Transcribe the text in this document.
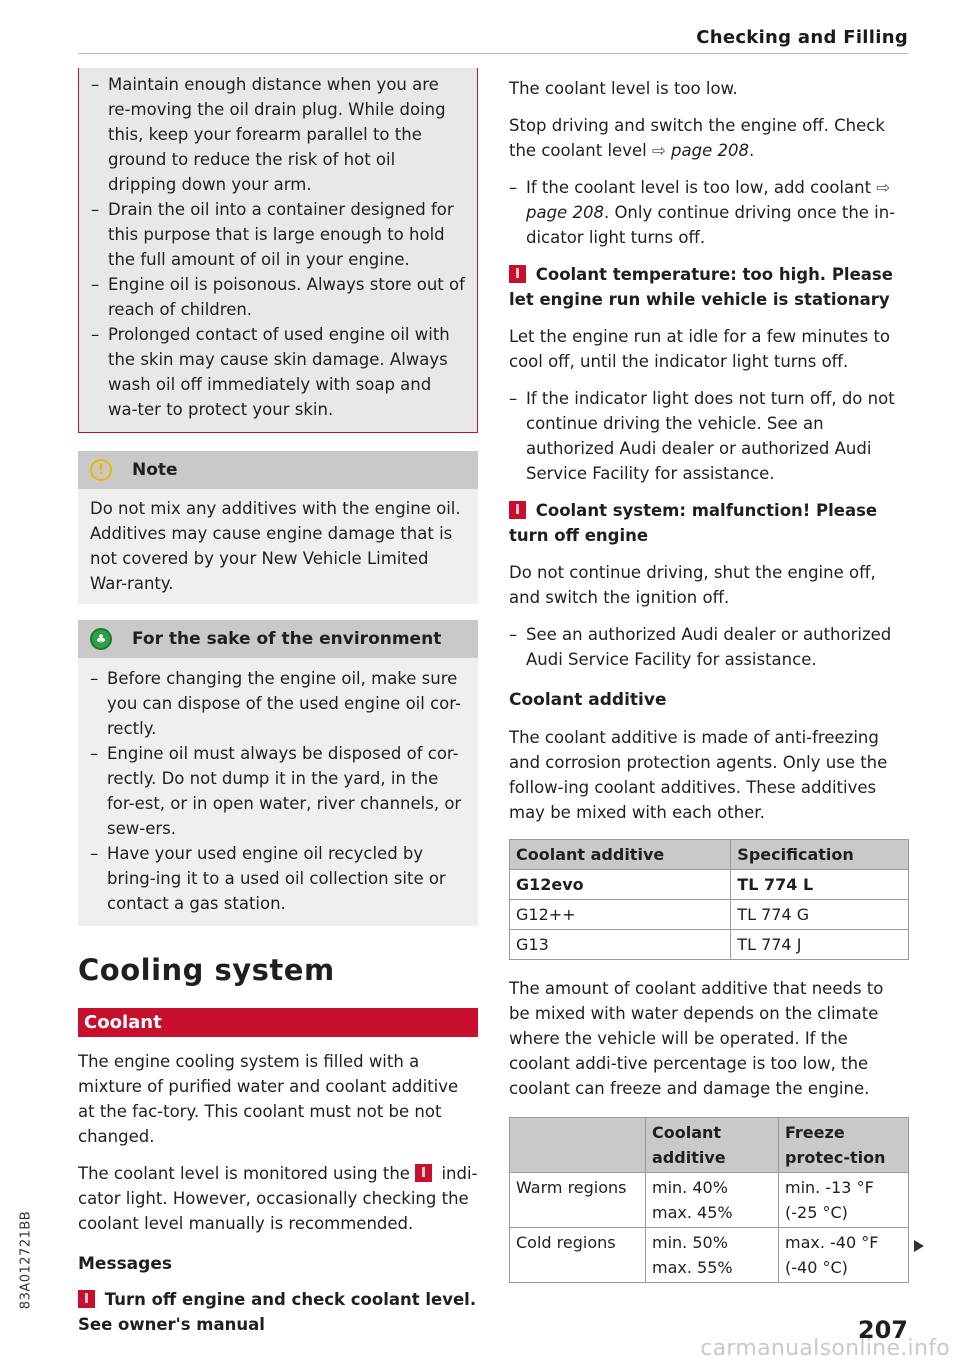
Checking and Filling
– Maintain enough distance when you are re-moving the oil drain plug. While doing this, keep your forearm parallel to the ground to reduce the risk of hot oil dripping down your arm.
– Drain the oil into a container designed for this purpose that is large enough to hold the full amount of oil in your engine.
– Engine oil is poisonous. Always store out of reach of children.
– Prolonged contact of used engine oil with the skin may cause skin damage. Always wash oil off immediately with soap and wa-ter to protect your skin.
!	Note
Do not mix any additives with the engine oil. Additives may cause engine damage that is not covered by your New Vehicle Limited War-ranty.
♣	For the sake of the environment
– Before changing the engine oil, make sure you can dispose of the used engine oil cor-rectly.
– Engine oil must always be disposed of cor-rectly. Do not dump it in the yard, in the for-est, or in open water, river channels, or sew-ers.
– Have your used engine oil recycled by bring-ing it to a used oil collection site or contact a gas station.
Cooling system
Coolant

The engine cooling system is filled with a mixture of purified water and coolant additive at the fac-tory. This coolant must not be not changed.

The coolant level is monitored using the indi-cator light. However, occasionally checking the coolant level manually is recommended.

Messages
Turn off engine and check coolant level. See owner's manual

The coolant level is too low.

Stop driving and switch the engine off. Check the coolant level ⇨ page 208.

– If the coolant level is too low, add coolant ⇨ page 208. Only continue driving once the in-dicator light turns off.
Coolant temperature: too high. Please let engine run while vehicle is stationary

Let the engine run at idle for a few minutes to cool off, until the indicator light turns off.

– If the indicator light does not turn off, do not continue driving the vehicle. See an authorized Audi dealer or authorized Audi Service Facility for assistance.
Coolant system: malfunction! Please turn off engine

Do not continue driving, shut the engine off, and switch the ignition off.

– See an authorized Audi dealer or authorized Audi Service Facility for assistance.
Coolant additive

The coolant additive is made of anti-freezing and corrosion protection agents. Only use the follow-ing coolant additives. These additives may be mixed with each other.

Coolant additive	Specification
G12evo	TL 774 L
G12++	TL 774 G
G13	TL 774 J

The amount of coolant additive that needs to be mixed with water depends on the climate where the vehicle will be operated. If the coolant addi-tive percentage is too low, the coolant can freeze and damage the engine.

	Coolant additive	Freeze protec-tion
Warm regions	min. 40% max. 45%	min. -13 °F (-25 °C)
Cold regions	min. 50% max. 55%	max. -40 °F (-40 °C)
83A012721BB
207
carmanualsonline.info
